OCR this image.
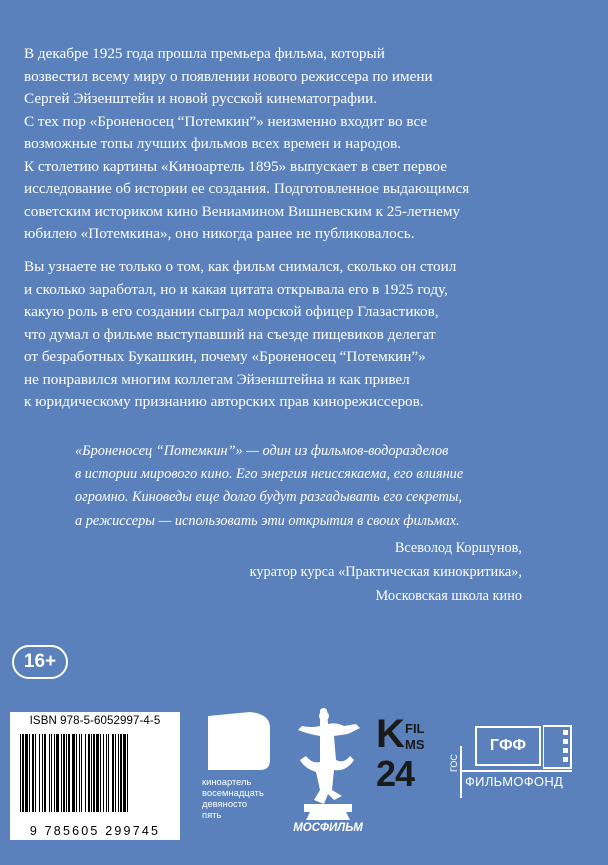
В декабре 1925 года прошла премьера фильма, который
возвестил всему миру о появлении нового режиссера по имени
Сергей Эйзенштейн и новой русской кинематографии.
С тех пор «Броненосец “Потемкин”» неизменно входит во все
возможные топы лучших фильмов всех времен и народов.
К столетию картины «Киноартель 1895» выпускает в свет первое
исследование об истории ее создания. Подготовленное выдающимся
советским историком кино Вениамином Вишневским к 25-летнему
юбилею «Потемкина», оно никогда ранее не публиковалось.

Вы узнаете не только о том, как фильм снимался, сколько он стоил
и сколько заработал, но и какая цитата открывала его в 1925 году,
какую роль в его создании сыграл морской офицер Глазастиков,
что думал о фильме выступавший на съезде пищевиков делегат
от безработных Букашкин, почему «Броненосец “Потемкин”»
не понравился многим коллегам Эйзенштейна и как привел
к юридическому признанию авторских прав кинорежиссеров.

«Броненосец “Потемкин”» — один из фильмов-водоразделов
в истории мирового кино. Его энергия неиссякаема, его влияние
огромно. Киноведы еще долго будут разгадывать его секреты,
а режиссеры — использовать эти открытия в своих фильмах.

Всеволод Коршунов,
куратор курса «Практическая кинокритика»,
Московская школа кино
16+
ISBN 978-5-6052997-4-5
9 785605 299745
киноартель
восемнадцать
девяносто
пять
МОСФИЛЬМ
K FIL
MS
24	ГОС
ГФФ
ФИЛЬМОФОНД
